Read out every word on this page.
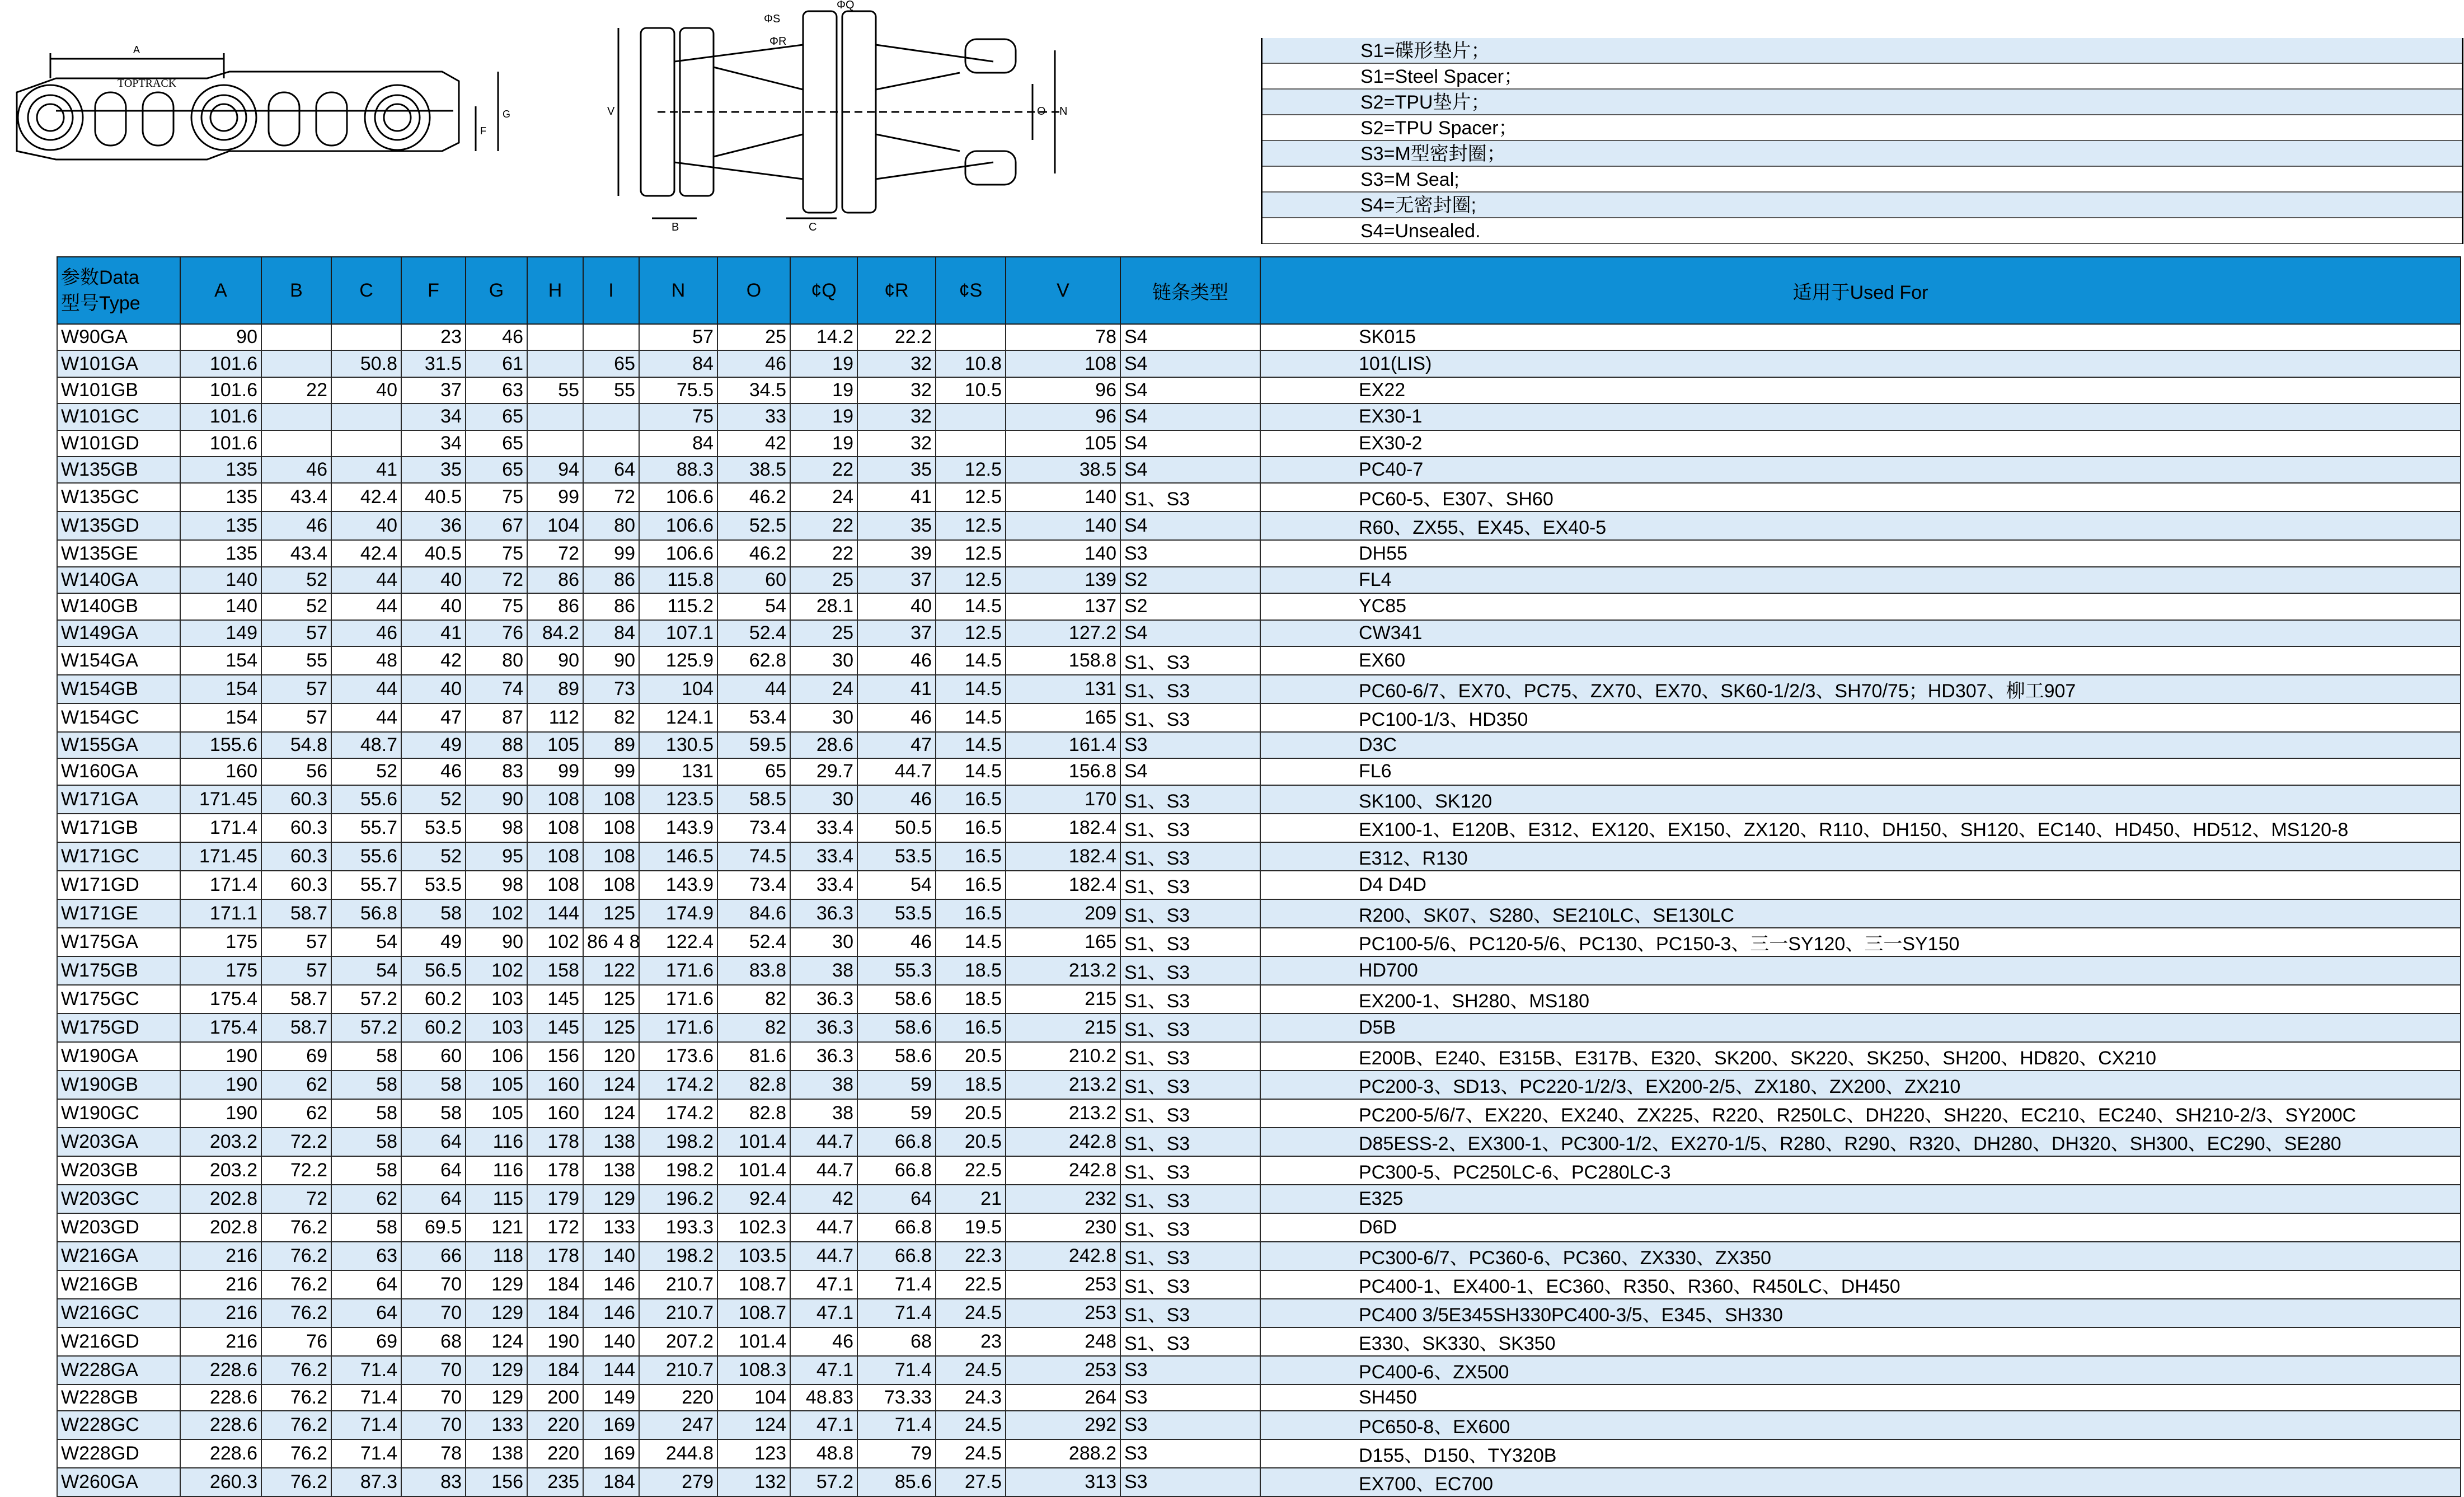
TOPTRACK
A
F
G
ΦS
ΦR
ΦQ
V	O N
B	C
S1=碟形垫片；
S1=Steel Spacer；
S2=TPU垫片；
S2=TPU Spacer；
S3=M型密封圈；
S3=M Seal;
S4=无密封圈;
S4=Unsealed.
参数Data
型号Type	A	B	C	F	G	H	I	N	O	¢Q	¢R	¢S	V	链条类型	适用于Used For
W90GA	90			23	46			57	25	14.2	22.2		78	S4	SK015
W101GA	101.6		50.8	31.5	61		65	84	46	19	32	10.8	108	S4	101(LIS)
W101GB	101.6	22	40	37	63	55	55	75.5	34.5	19	32	10.5	96	S4	EX22
W101GC	101.6			34	65			75	33	19	32		96	S4	EX30-1
W101GD	101.6			34	65			84	42	19	32		105	S4	EX30-2
W135GB	135	46	41	35	65	94	64	88.3	38.5	22	35	12.5	38.5	S4	PC40-7
W135GC	135	43.4	42.4	40.5	75	99	72	106.6	46.2	24	41	12.5	140	S1、S3	PC60-5、E307、SH60
W135GD	135	46	40	36	67	104	80	106.6	52.5	22	35	12.5	140	S4	R60、ZX55、EX45、EX40-5
W135GE	135	43.4	42.4	40.5	75	72	99	106.6	46.2	22	39	12.5	140	S3	DH55
W140GA	140	52	44	40	72	86	86	115.8	60	25	37	12.5	139	S2	FL4
W140GB	140	52	44	40	75	86	86	115.2	54	28.1	40	14.5	137	S2	YC85
W149GA	149	57	46	41	76	84.2	84	107.1	52.4	25	37	12.5	127.2	S4	CW341
W154GA	154	55	48	42	80	90	90	125.9	62.8	30	46	14.5	158.8	S1、S3	EX60
W154GB	154	57	44	40	74	89	73	104	44	24	41	14.5	131	S1、S3	PC60-6/7、EX70、PC75、ZX70、EX70、SK60-1/2/3、SH70/75；HD307、柳工907
W154GC	154	57	44	47	87	112	82	124.1	53.4	30	46	14.5	165	S1、S3	PC100-1/3、HD350
W155GA	155.6	54.8	48.7	49	88	105	89	130.5	59.5	28.6	47	14.5	161.4	S3	D3C
W160GA	160	56	52	46	83	99	99	131	65	29.7	44.7	14.5	156.8	S4	FL6
W171GA	171.45	60.3	55.6	52	90	108	108	123.5	58.5	30	46	16.5	170	S1、S3	SK100、SK120
W171GB	171.4	60.3	55.7	53.5	98	108	108	143.9	73.4	33.4	50.5	16.5	182.4	S1、S3	EX100-1、E120B、E312、EX120、EX150、ZX120、R110、DH150、SH120、EC140、HD450、HD512、MS120-8
W171GC	171.45	60.3	55.6	52	95	108	108	146.5	74.5	33.4	53.5	16.5	182.4	S1、S3	E312、R130
W171GD	171.4	60.3	55.7	53.5	98	108	108	143.9	73.4	33.4	54	16.5	182.4	S1、S3	D4 D4D
W171GE	171.1	58.7	56.8	58	102	144	125	174.9	84.6	36.3	53.5	16.5	209	S1、S3	R200、SK07、S280、SE210LC、SE130LC
W175GA	175	57	54	49	90	102	86 4 8	122.4	52.4	30	46	14.5	165	S1、S3	PC100-5/6、PC120-5/6、PC130、PC150-3、三一SY120、三一SY150
W175GB	175	57	54	56.5	102	158	122	171.6	83.8	38	55.3	18.5	213.2	S1、S3	HD700
W175GC	175.4	58.7	57.2	60.2	103	145	125	171.6	82	36.3	58.6	18.5	215	S1、S3	EX200-1、SH280、MS180
W175GD	175.4	58.7	57.2	60.2	103	145	125	171.6	82	36.3	58.6	16.5	215	S1、S3	D5B
W190GA	190	69	58	60	106	156	120	173.6	81.6	36.3	58.6	20.5	210.2	S1、S3	E200B、E240、E315B、E317B、E320、SK200、SK220、SK250、SH200、HD820、CX210
W190GB	190	62	58	58	105	160	124	174.2	82.8	38	59	18.5	213.2	S1、S3	PC200-3、SD13、PC220-1/2/3、EX200-2/5、ZX180、ZX200、ZX210
W190GC	190	62	58	58	105	160	124	174.2	82.8	38	59	20.5	213.2	S1、S3	PC200-5/6/7、EX220、EX240、ZX225、R220、R250LC、DH220、SH220、EC210、EC240、SH210-2/3、SY200C
W203GA	203.2	72.2	58	64	116	178	138	198.2	101.4	44.7	66.8	20.5	242.8	S1、S3	D85ESS-2、EX300-1、PC300-1/2、EX270-1/5、R280、R290、R320、DH280、DH320、SH300、EC290、SE280
W203GB	203.2	72.2	58	64	116	178	138	198.2	101.4	44.7	66.8	22.5	242.8	S1、S3	PC300-5、PC250LC-6、PC280LC-3
W203GC	202.8	72	62	64	115	179	129	196.2	92.4	42	64	21	232	S1、S3	E325
W203GD	202.8	76.2	58	69.5	121	172	133	193.3	102.3	44.7	66.8	19.5	230	S1、S3	D6D
W216GA	216	76.2	63	66	118	178	140	198.2	103.5	44.7	66.8	22.3	242.8	S1、S3	PC300-6/7、PC360-6、PC360、ZX330、ZX350
W216GB	216	76.2	64	70	129	184	146	210.7	108.7	47.1	71.4	22.5	253	S1、S3	PC400-1、EX400-1、EC360、R350、R360、R450LC、DH450
W216GC	216	76.2	64	70	129	184	146	210.7	108.7	47.1	71.4	24.5	253	S1、S3	PC400 3/5E345SH330PC400-3/5、E345、SH330
W216GD	216	76	69	68	124	190	140	207.2	101.4	46	68	23	248	S1、S3	E330、SK330、SK350
W228GA	228.6	76.2	71.4	70	129	184	144	210.7	108.3	47.1	71.4	24.5	253	S3	PC400-6、ZX500
W228GB	228.6	76.2	71.4	70	129	200	149	220	104	48.83	73.33	24.3	264	S3	SH450
W228GC	228.6	76.2	71.4	70	133	220	169	247	124	47.1	71.4	24.5	292	S3	PC650-8、EX600
W228GD	228.6	76.2	71.4	78	138	220	169	244.8	123	48.8	79	24.5	288.2	S3	D155、D150、TY320B
W260GA	260.3	76.2	87.3	83	156	235	184	279	132	57.2	85.6	27.5	313	S3	EX700、EC700
